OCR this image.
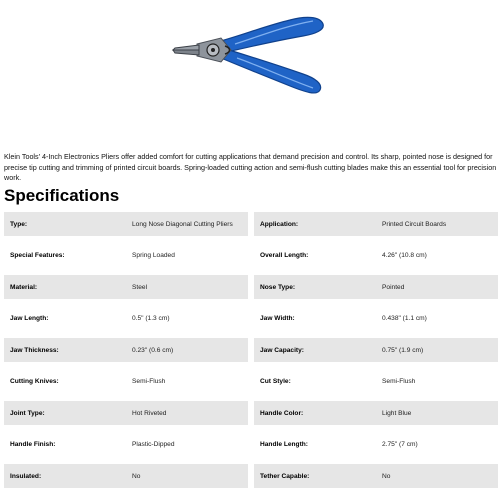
Klein Tools' 4-Inch Electronics Pliers offer added comfort for cutting applications that demand precision and control. Its sharp, pointed nose is designed for precise tip cutting and trimming of printed circuit boards. Spring-loaded cutting action and semi-flush cutting blades make this an essential tool for precision work.

Specifications
Type:	Long Nose Diagonal Cutting Pliers	Application:	Printed Circuit Boards
Special Features:	Spring Loaded	Overall Length:	4.26" (10.8 cm)
Material:	Steel	Nose Type:	Pointed
Jaw Length:	0.5" (1.3 cm)	Jaw Width:	0.438" (1.1 cm)
Jaw Thickness:	0.23" (0.6 cm)	Jaw Capacity:	0.75" (1.9 cm)
Cutting Knives:	Semi-Flush	Cut Style:	Semi-Flush
Joint Type:	Hot Riveted	Handle Color:	Light Blue
Handle Finish:	Plastic-Dipped	Handle Length:	2.75" (7 cm)
Insulated:	No	Tether Capable:	No
